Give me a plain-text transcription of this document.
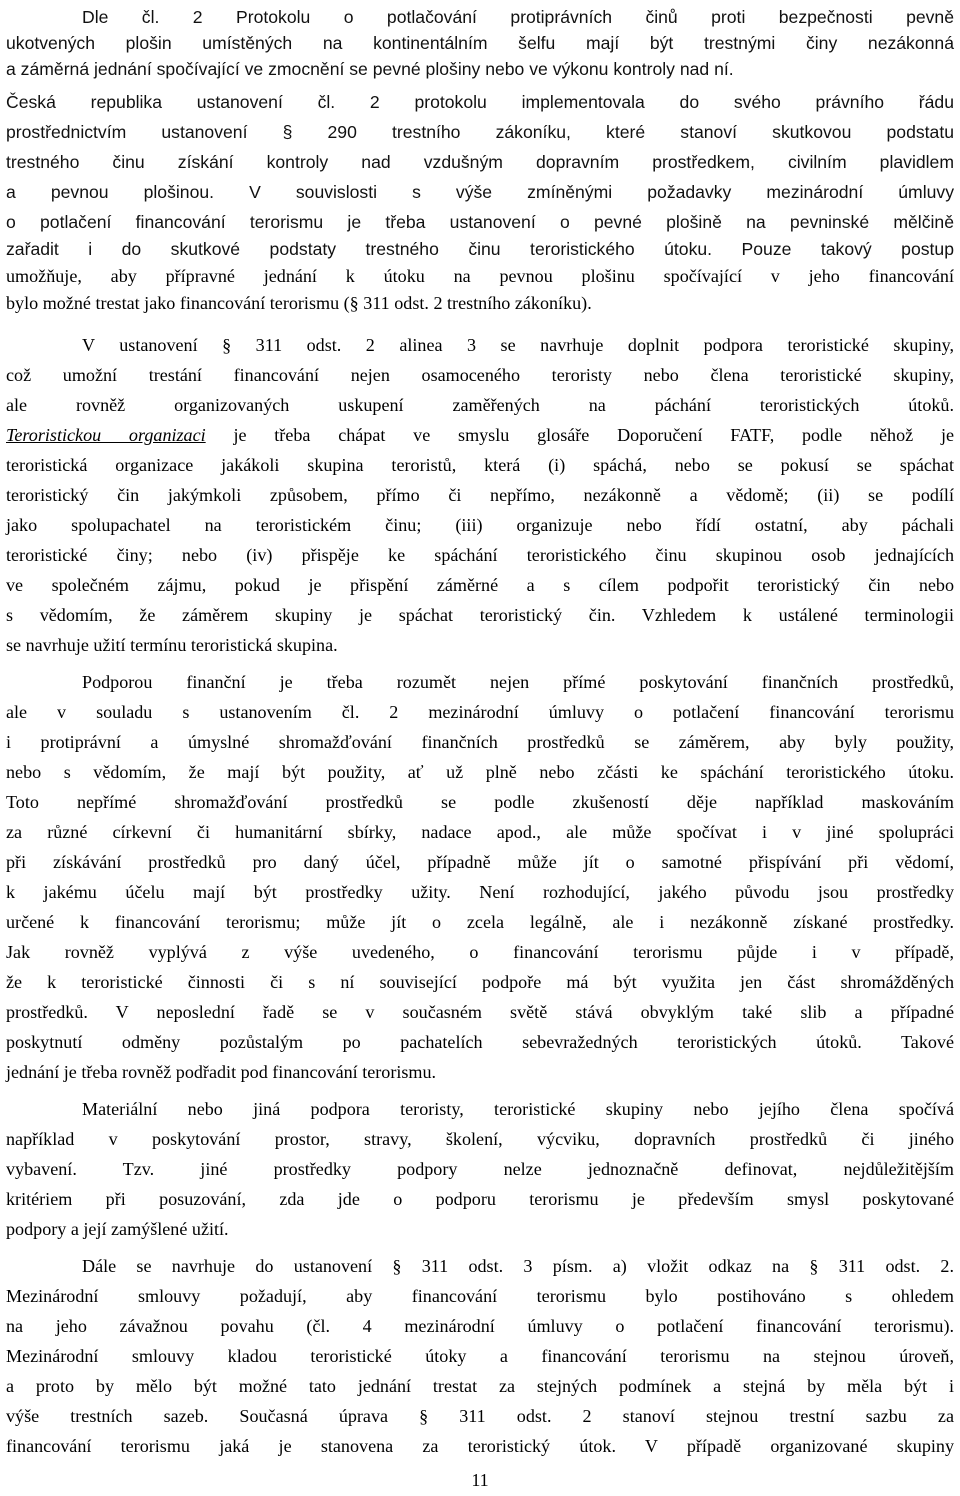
11
Dle čl. 2 Protokolu o potlačování protiprávních činů proti bezpečnosti pevně
ukotvených plošin umístěných na kontinentálním šelfu mají být trestnými činy nezákonná
a záměrná jednání spočívající ve zmocnění se pevné plošiny nebo ve výkonu kontroly nad ní.
Česká republika ustanovení čl. 2 protokolu implementovala do svého právního řádu
prostřednictvím ustanovení § 290 trestního zákoníku, které stanoví skutkovou podstatu
trestného činu získání kontroly nad vzdušným dopravním prostředkem, civilním plavidlem
a pevnou plošinou. V souvislosti s výše zmíněnými požadavky mezinárodní úmluvy
o potlačení financování terorismu je třeba ustanovení o pevné plošině na pevninské mělčině
zařadit i do skutkové podstaty trestného činu teroristického útoku. Pouze takový postup
umožňuje, aby přípravné jednání k útoku na pevnou plošinu spočívající v jeho financování
bylo možné trestat jako financování terorismu (§ 311 odst. 2 trestního zákoníku).
V ustanovení § 311 odst. 2 alinea 3 se navrhuje doplnit podpora teroristické skupiny,
což umožní trestání financování nejen osamoceného teroristy nebo člena teroristické skupiny,
ale rovněž organizovaných uskupení zaměřených na páchání teroristických útoků.
Teroristickou organizaci je třeba chápat ve smyslu glosáře Doporučení FATF, podle něhož je
teroristická organizace jakákoli skupina teroristů, která (i) spáchá, nebo se pokusí se spáchat
teroristický čin jakýmkoli způsobem, přímo či nepřímo, nezákonně a vědomě; (ii) se podílí
jako spolupachatel na teroristickém činu; (iii) organizuje nebo řídí ostatní, aby páchali
teroristické činy; nebo (iv) přispěje ke spáchání teroristického činu skupinou osob jednajících
ve společném zájmu, pokud je přispění záměrné a s cílem podpořit teroristický čin nebo
s vědomím, že záměrem skupiny je spáchat teroristický čin. Vzhledem k ustálené terminologii
se navrhuje užití termínu teroristická skupina.
Podporou finanční je třeba rozumět nejen přímé poskytování finančních prostředků,
ale v souladu s ustanovením čl. 2 mezinárodní úmluvy o potlačení financování terorismu
i protiprávní a úmyslné shromažďování finančních prostředků se záměrem, aby byly použity,
nebo s vědomím, že mají být použity, ať už plně nebo zčásti ke spáchání teroristického útoku.
Toto nepřímé shromažďování prostředků se podle zkušeností děje například maskováním
za různé církevní či humanitární sbírky, nadace apod., ale může spočívat i v jiné spolupráci
při získávání prostředků pro daný účel, případně může jít o samotné přispívání při vědomí,
k jakému účelu mají být prostředky užity. Není rozhodující, jakého původu jsou prostředky
určené k financování terorismu; může jít o zcela legálně, ale i nezákonně získané prostředky.
Jak rovněž vyplývá z výše uvedeného, o financování terorismu půjde i v případě,
že k teroristické činnosti či s ní související podpoře má být využita jen část shromážděných
prostředků. V neposlední řadě se v současném světě stává obvyklým také slib a případné
poskytnutí odměny pozůstalým po pachatelích sebevražedných teroristických útoků. Takové
jednání je třeba rovněž podřadit pod financování terorismu.
Materiální nebo jiná podpora teroristy, teroristické skupiny nebo jejího člena spočívá
například v poskytování prostor, stravy, školení, výcviku, dopravních prostředků či jiného
vybavení. Tzv. jiné prostředky podpory nelze jednoznačně definovat, nejdůležitějším
kritériem při posuzování, zda jde o podporu terorismu je především smysl poskytované
podpory a její zamýšlené užití.
Dále se navrhuje do ustanovení § 311 odst. 3 písm. a) vložit odkaz na § 311 odst. 2.
Mezinárodní smlouvy požadují, aby financování terorismu bylo postihováno s ohledem
na jeho závažnou povahu (čl. 4 mezinárodní úmluvy o potlačení financování terorismu).
Mezinárodní smlouvy kladou teroristické útoky a financování terorismu na stejnou úroveň,
a proto by mělo být možné tato jednání trestat za stejných podmínek a stejná by měla být i
výše trestních sazeb. Současná úprava § 311 odst. 2 stanoví stejnou trestní sazbu za
financování terorismu jaká je stanovena za teroristický útok. V případě organizované skupiny
